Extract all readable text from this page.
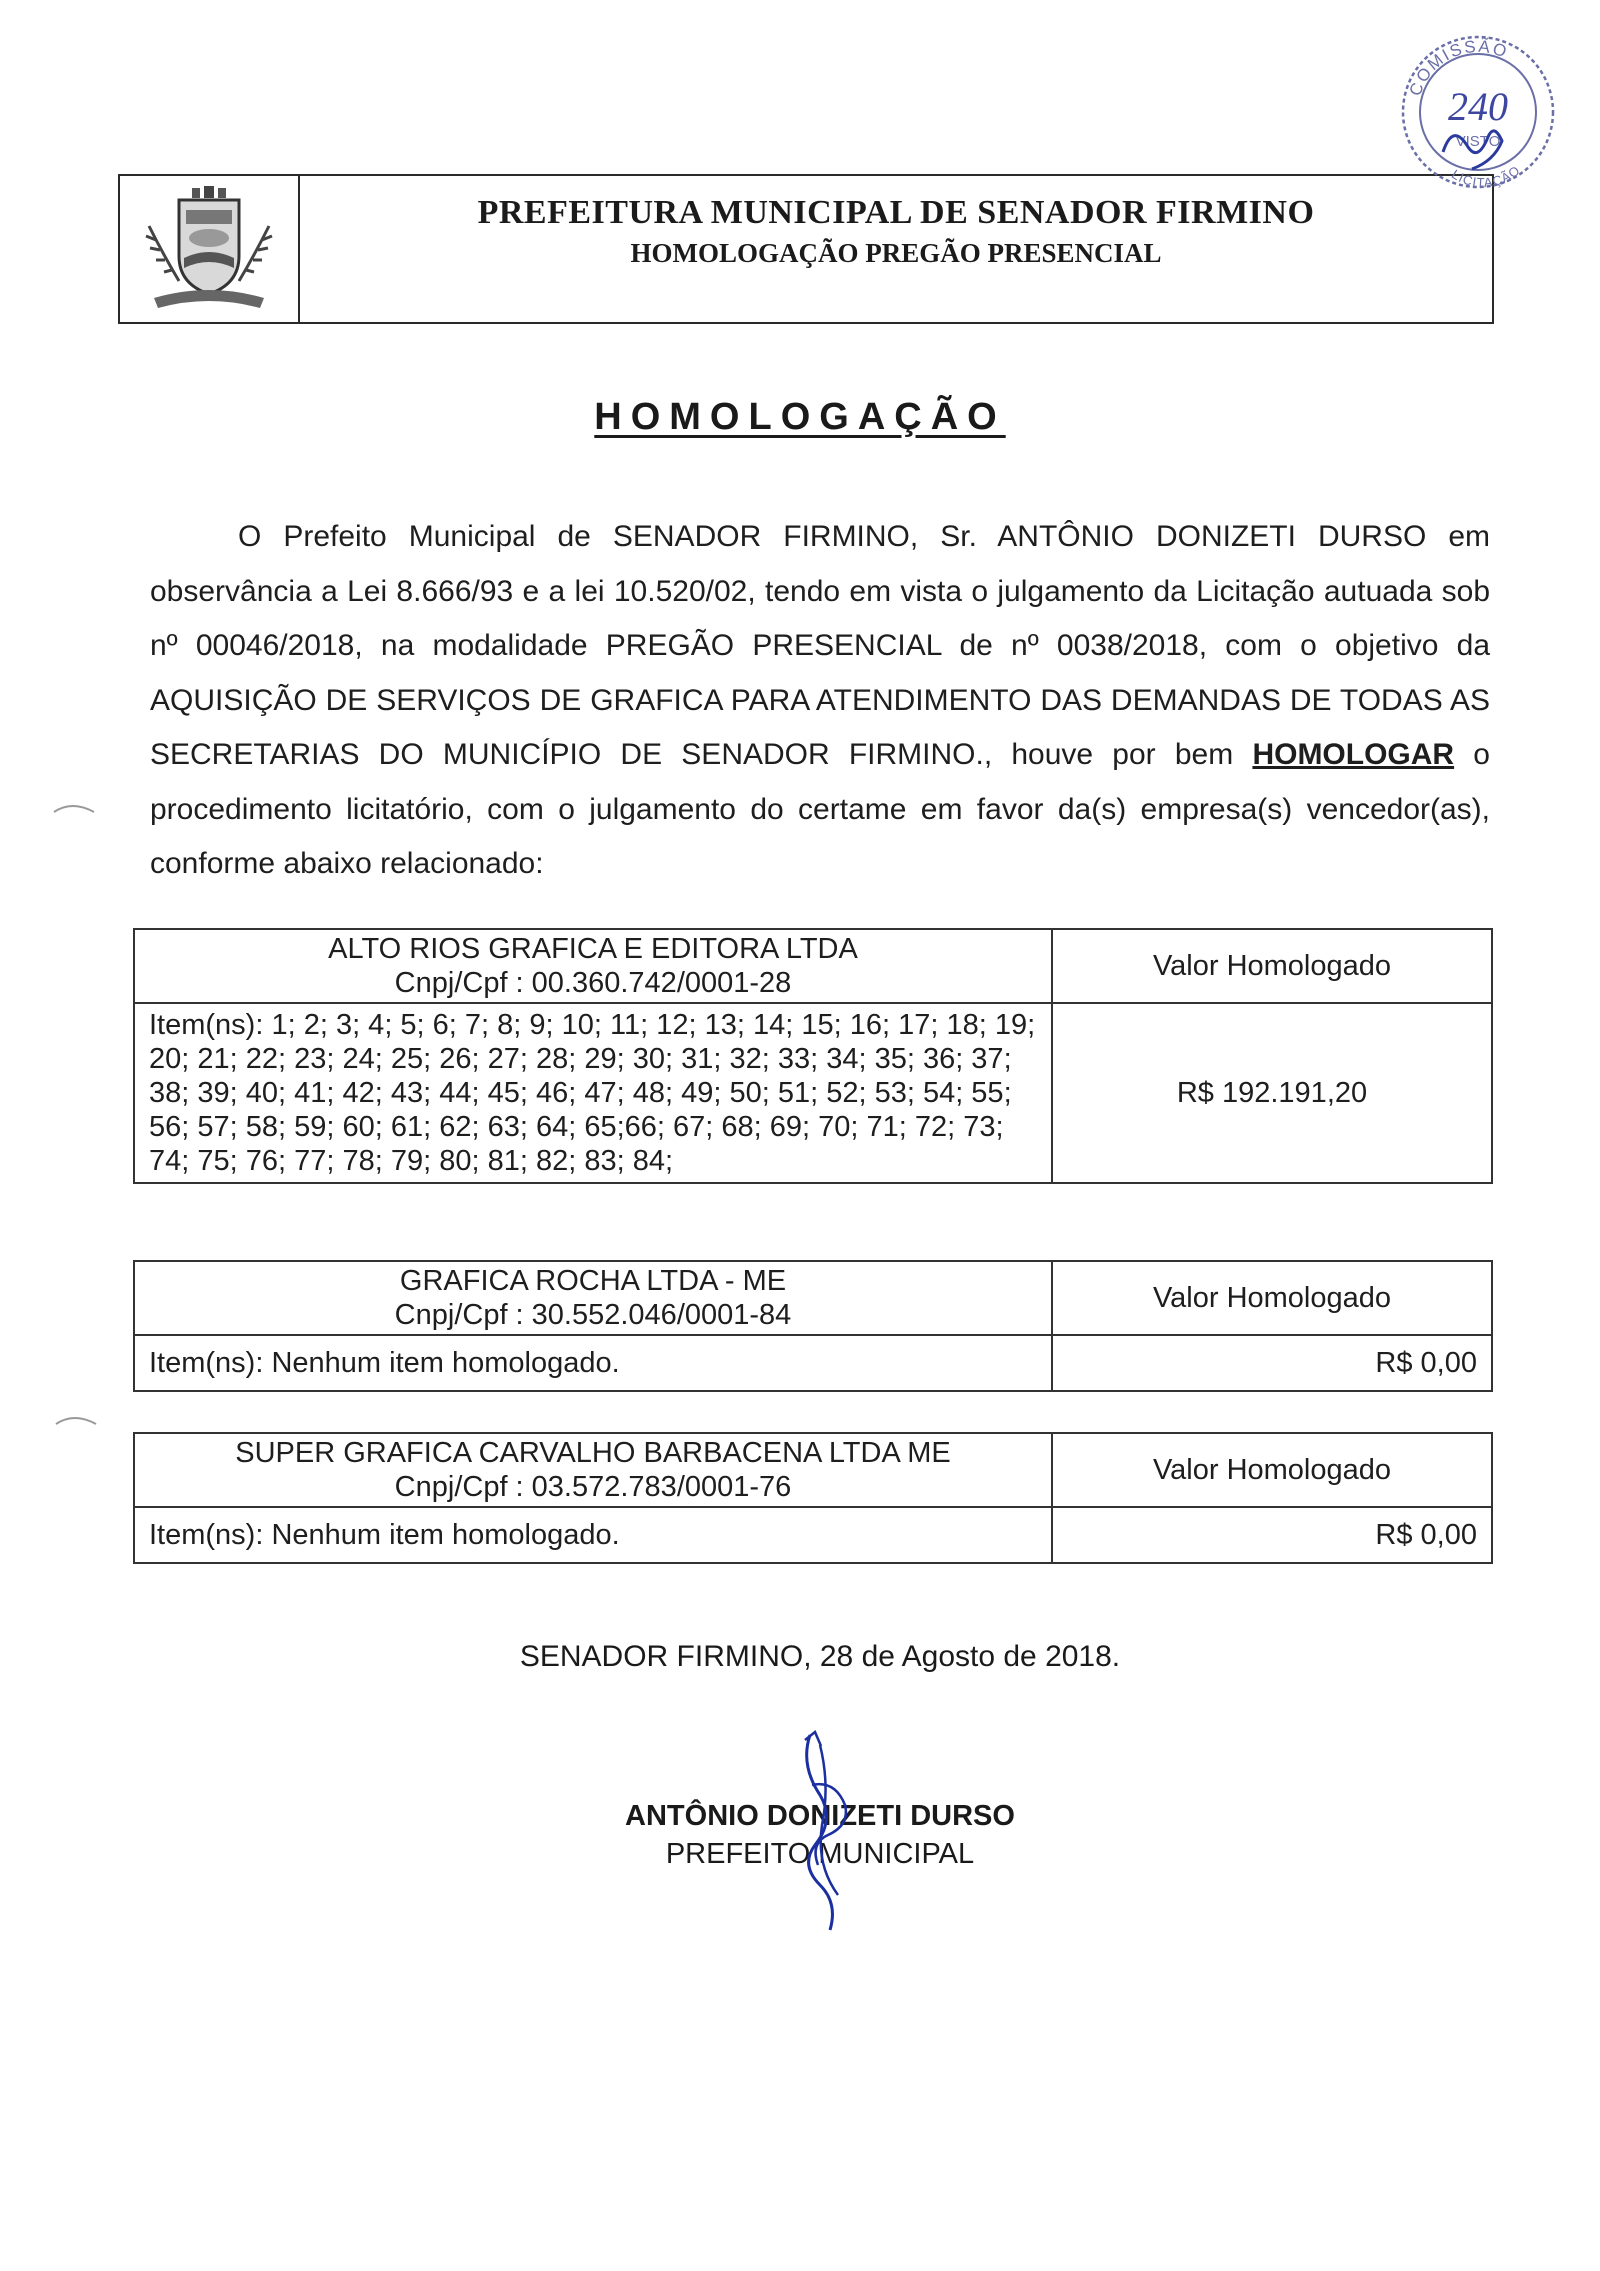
PREFEITURA MUNICIPAL DE SENADOR FIRMINO
HOMOLOGAÇÃO PREGÃO PRESENCIAL
COMISSÃO
240
VISTO
LICITAÇÃO
HOMOLOGAÇÃO

O Prefeito Municipal de SENADOR FIRMINO, Sr. ANTÔNIO DONIZETI DURSO em observância a Lei 8.666/93 e a lei 10.520/02, tendo em vista o julgamento da Licitação autuada sob nº 00046/2018, na modalidade PREGÃO PRESENCIAL de nº 0038/2018, com o objetivo da AQUISIÇÃO DE SERVIÇOS DE GRAFICA PARA ATENDIMENTO DAS DEMANDAS DE TODAS AS SECRETARIAS DO MUNICÍPIO DE SENADOR FIRMINO., houve por bem HOMOLOGAR o procedimento licitatório, com o julgamento do certame em favor da(s) empresa(s) vencedor(as), conforme abaixo relacionado:

ALTO RIOS GRAFICA E EDITORA LTDA
Cnpj/Cpf : 00.360.742/0001-28	Valor Homologado
Item(ns): 1; 2; 3; 4; 5; 6; 7; 8; 9; 10; 11; 12; 13; 14; 15; 16; 17; 18; 19; 20; 21; 22; 23; 24; 25; 26; 27; 28; 29; 30; 31; 32; 33; 34; 35; 36; 37; 38; 39; 40; 41; 42; 43; 44; 45; 46; 47; 48; 49; 50; 51; 52; 53; 54; 55; 56; 57; 58; 59; 60; 61; 62; 63; 64; 65;66; 67; 68; 69; 70; 71; 72; 73; 74; 75; 76; 77; 78; 79; 80; 81; 82; 83; 84;	R$ 192.191,20
GRAFICA ROCHA LTDA - ME
Cnpj/Cpf : 30.552.046/0001-84	Valor Homologado
Item(ns): Nenhum item homologado.	R$ 0,00
SUPER GRAFICA CARVALHO BARBACENA LTDA ME
Cnpj/Cpf : 03.572.783/0001-76	Valor Homologado
Item(ns): Nenhum item homologado.	R$ 0,00
SENADOR FIRMINO, 28 de Agosto de 2018.
ANTÔNIO DONIZETI DURSO
PREFEITO MUNICIPAL
